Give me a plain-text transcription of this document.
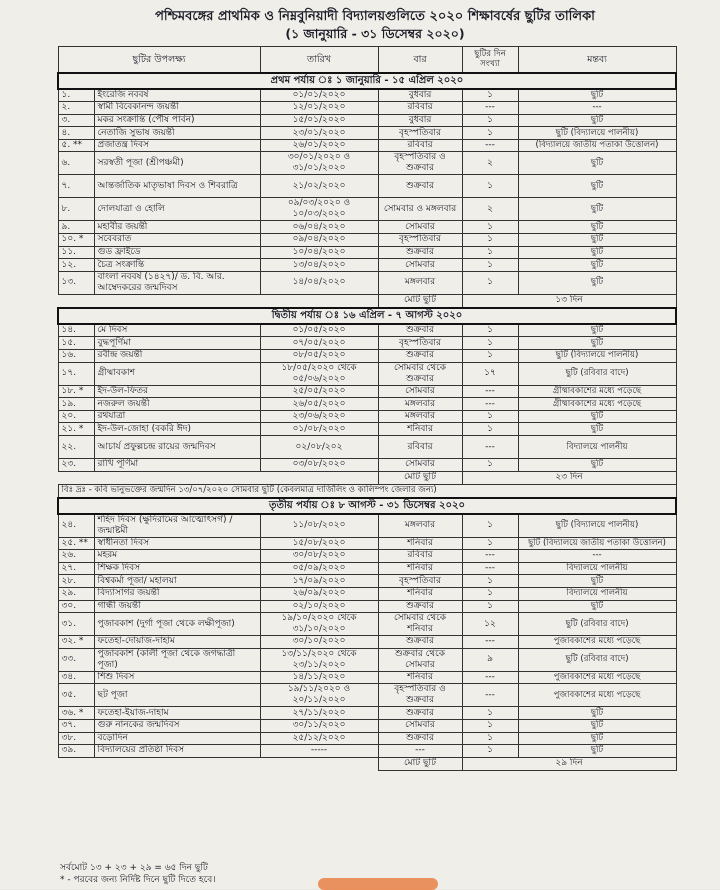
পশ্চিমবঙ্গের প্রাথমিক ও নিম্নবুনিয়াদী বিদ্যালয়গুলিতে ২০২০ শিক্ষাবর্ষের ছুটির তালিকা
(১ জানুয়ারি - ৩১ ডিসেম্বর ২০২০)
ছুটির উপলক্ষ্য		তারিখ	বার	ছুটির দিন সংখ্যা	মন্তব্য
প্রথম পর্যায় ঃ ১ জানুয়ারি - ১৫ এপ্রিল ২০২০					
১.	ইংরেজি নববর্ষ	০১/০১/২০২০	বুধবার	১	ছুটি
২.	স্বামী বিবেকানন্দ জয়ন্তী	১২/০১/২০২০	রবিবার	---	---
৩.	মকর সংক্রান্তি (পৌষ পার্বন)	১৫/০১/২০২০	বুধবার	১	ছুটি
৪.	নেতাজি সুভাষ জয়ন্তী	২৩/০১/২০২০	বৃহস্পতিবার	১	ছুটি (বিদ্যালয়ে পালনীয়)
৫. **	প্রজাতন্ত্র দিবস	২৬/০১/২০২০	রবিবার	---	(বিদ্যালয়ে জাতীয় পতাকা উত্তোলন)
৬.	সরস্বতী পূজা (শ্রীপঞ্চমী)	৩০/০১/২০২০ ও ৩১/০১/২০২০	বৃহস্পতিবার ও শুক্রবার	২	ছুটি
৭.	আন্তর্জাতিক মাতৃভাষা দিবস ও শিবরাত্রি	২১/০২/২০২০	শুক্রবার	১	ছুটি
৮.	দোলযাত্রা ও হোলি	০৯/০৩/২০২০ ও ১০/০৩/২০২০	সোমবার ও মঙ্গলবার	২	ছুটি
৯.	মহাবীর জয়ন্তী	০৬/০৪/২০২০	সোমবার	১	ছুটি
১০. *	সবেবরাত	০৯/০৪/২০২০	বৃহস্পতিবার	১	ছুটি
১১.	গুড ফ্রাইডে	১০/০৪/২০২০	শুক্রবার	১	ছুটি
১২.	চৈত্র সংক্রান্তি	১৩/০৪/২০২০	সোমবার	১	ছুটি
১৩.	বাংলা নববর্ষ (১৪২৭)/ ড. বি. আর. আম্বেদকরের জন্মদিবস	১৪/০৪/২০২০	মঙ্গলবার	১	ছুটি
			মোট ছুটি	১৩ দিন	
দ্বিতীয় পর্যায় ঃ ১৬ এপ্রিল - ৭ আগস্ট ২০২০					
১৪.	মে দিবস	০১/০৫/২০২০	শুক্রবার	১	ছুটি
১৫.	বুদ্ধপূর্ণিমা	০৭/০৫/২০২০	বৃহস্পতিবার	১	ছুটি
১৬.	রবীন্দ্র জয়ন্তী	০৮/০৫/২০২০	শুক্রবার	১	ছুটি (বিদ্যালয়ে পালনীয়)
১৭.	গ্রীষ্মাবকাশ	১৮/০৫/২০২০ থেকে ০৫/০৬/২০২০	সোমবার থেকে শুক্রবার	১৭	ছুটি (রবিবার বাদে)
১৮. *	ইদ-উল-ফিতর	২৫/০৫/২০২০	সোমবার	---	গ্রীষ্মাবকাশের মধ্যে পড়েছে
১৯.	নজরুল জয়ন্তী	২৬/০৫/২০২০	মঙ্গলবার	---	গ্রীষ্মাবকাশের মধ্যে পড়েছে
২০.	রথযাত্রা	২৩/০৬/২০২০	মঙ্গলবার	১	ছুটি
২১. *	ইদ-উল-জোহা (বকরি ঈদ)	০১/০৮/২০২০	শনিবার	১	ছুটি
২২.	আচার্য প্রফুল্লচন্দ্র রায়ের জন্মদিবস	০২/০৮/২০২	রবিবার	---	বিদ্যালয়ে পালনীয়
২৩.	রাখি পূর্ণিমা	০৩/০৮/২০২০	সোমবার	১	ছুটি
			মোট ছুটি	২৩ দিন	
বিঃ দ্রঃ - কবি ভানুভক্তের জন্মদিন ১৩/০৭/২০২০ সোমবার ছুটি (কেবলমাত্র দার্জিলিং ও কালিম্পং জেলার জন্য)					
তৃতীয় পর্যায় ঃ ৮ আগস্ট - ৩১ ডিসেম্বর ২০২০					
২৪.	শহিদ দিবস (ক্ষুদিরামের আত্মোৎসর্গ) / জন্মাষ্টমী	১১/০৮/২০২০	মঙ্গলবার	১	ছুটি (বিদ্যালয়ে পালনীয়)
২৫. **	স্বাধীনতা দিবস	১৫/০৮/২০২০	শনিবার	১	ছুটি (বিদ্যালয়ে জাতীয় পতাকা উত্তোলন)
২৬.	মহরম	৩০/০৮/২০২০	রবিবার	---	---
২৭.	শিক্ষক দিবস	০৫/০৯/২০২০	শনিবার	---	বিদ্যালয়ে পালনীয়
২৮.	বিশ্বকর্মা পূজা/ মহালয়া	১৭/০৯/২০২০	বৃহস্পতিবার	১	ছুটি
২৯.	বিদ্যাসাগর জয়ন্তী	২৬/০৯/২০২০	শনিবার	১	বিদ্যালয়ে পালনীয়
৩০.	গান্ধী জয়ন্তী	০২/১০/২০২০	শুক্রবার	১	ছুটি
৩১.	পুজাবকাশ (দুর্গা পূজা থেকে লক্ষীপূজা)	১৯/১০/২০২০ থেকে ৩১/১০/২০২০	সোমবার থেকে শনিবার	১২	ছুটি (রবিবার বাদে)
৩২. *	ফতেহা-দোয়াজ-দাহাম	৩০/১০/২০২০	শুক্রবার	---	পুজাবকাশের মধ্যে পড়েছে
৩৩.	পুজাবকাশ (কালী পূজা থেকে জগদ্ধাত্রী পূজা)	১৩/১১/২০২০ থেকে ২৩/১১/২০২০	শুক্রবার থেকে সোমবার	৯	ছুটি (রবিবার বাদে)
৩৪.	শিশু দিবস	১৪/১১/২০২০	শনিবার	---	পুজাবকাশের মধ্যে পড়েছে
৩৫.	ছট পূজা	১৯/১১/২০২০ ও ২০/১১/২০২০	বৃহস্পতিবার ও শুক্রবার	---	পুজাবকাশের মধ্যে পড়েছে
৩৬. *	ফতেহা-ইয়াজ-দাহাম	২৭/১১/২০২০	শুক্রবার	১	ছুটি
৩৭.	গুরু নানকের জন্মদিবস	৩০/১১/২০২০	সোমবার	১	ছুটি
৩৮.	বড়োদিন	২৫/১২/২০২০	শুক্রবার	১	ছুটি
৩৯.	বিদ্যালয়ের প্রতিষ্ঠা দিবস	-----	---	১	ছুটি
			মোট ছুটি	২৯ দিন	
সর্বমোট ১৩ + ২৩ + ২৯ = ৬৫ দিন ছুটি
* - পরবের জন্য নির্দিষ্ট দিনে ছুটি দিতে হবে।
